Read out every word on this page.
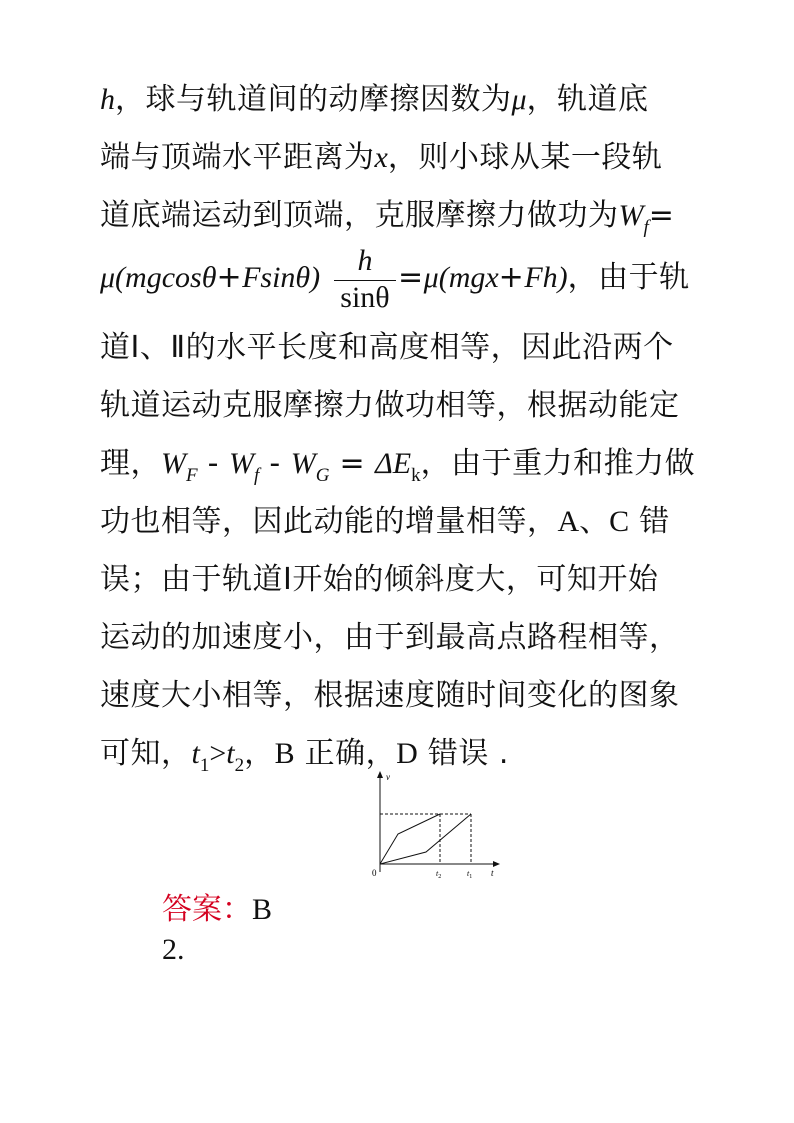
h，球与轨道间的动摩擦因数为μ，轨道底
端与顶端水平距离为x，则小球从某一段轨
道底端运动到顶端，克服摩擦力做功为$W_f=$
μ(mgcosθ+Fsinθ)
h
sinθ
=μ(mgx+Fh)，由于轨
道Ⅰ、Ⅱ的水平长度和高度相等，因此沿两个
轨道运动克服摩擦力做功相等，根据动能定
理，$W_F - W_f - W_G = \Delta E_k$，由于重力和推力做
功也相等，因此动能的增量相等，A、C 错
误；由于轨道Ⅰ开始的倾斜度大，可知开始
运动的加速度小，由于到最高点路程相等，
速度大小相等，根据速度随时间变化的图象
可知，$t_1>t_2$，B 正确，D 错误 .
v
t
0	$t_2$	$t_1$
答案：B
2.
